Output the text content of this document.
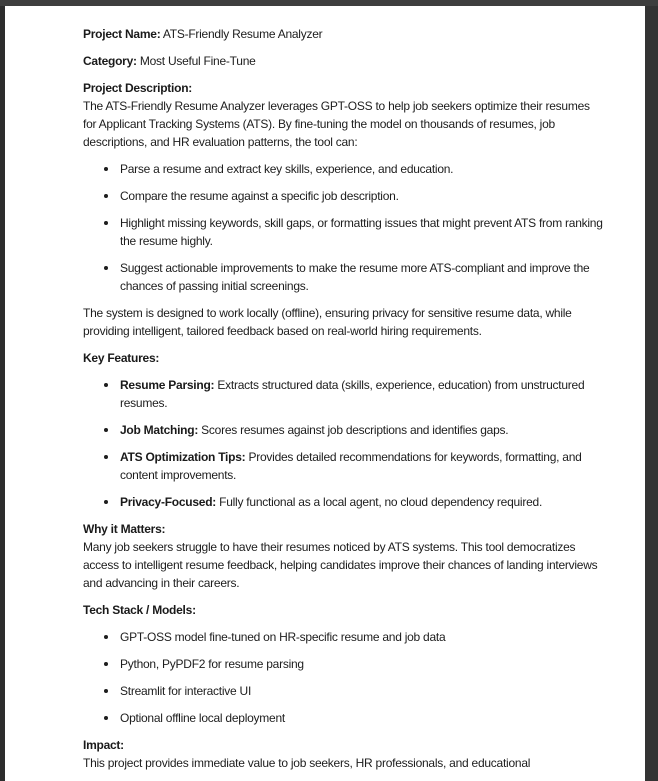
Project Name: ATS-Friendly Resume Analyzer

Category: Most Useful Fine-Tune

Project Description:
The ATS-Friendly Resume Analyzer leverages GPT-OSS to help job seekers optimize their resumes for Applicant Tracking Systems (ATS). By fine-tuning the model on thousands of resumes, job descriptions, and HR evaluation patterns, the tool can:

Parse a resume and extract key skills, experience, and education.
Compare the resume against a specific job description.
Highlight missing keywords, skill gaps, or formatting issues that might prevent ATS from ranking the resume highly.
Suggest actionable improvements to make the resume more ATS-compliant and improve the chances of passing initial screenings.

The system is designed to work locally (offline), ensuring privacy for sensitive resume data, while providing intelligent, tailored feedback based on real-world hiring requirements.

Key Features:

Resume Parsing: Extracts structured data (skills, experience, education) from unstructured resumes.
Job Matching: Scores resumes against job descriptions and identifies gaps.
ATS Optimization Tips: Provides detailed recommendations for keywords, formatting, and content improvements.
Privacy-Focused: Fully functional as a local agent, no cloud dependency required.

Why it Matters:
Many job seekers struggle to have their resumes noticed by ATS systems. This tool democratizes access to intelligent resume feedback, helping candidates improve their chances of landing interviews and advancing in their careers.

Tech Stack / Models:

GPT-OSS model fine-tuned on HR-specific resume and job data
Python, PyPDF2 for resume parsing
Streamlit for interactive UI
Optional offline local deployment

Impact:
This project provides immediate value to job seekers, HR professionals, and educational
